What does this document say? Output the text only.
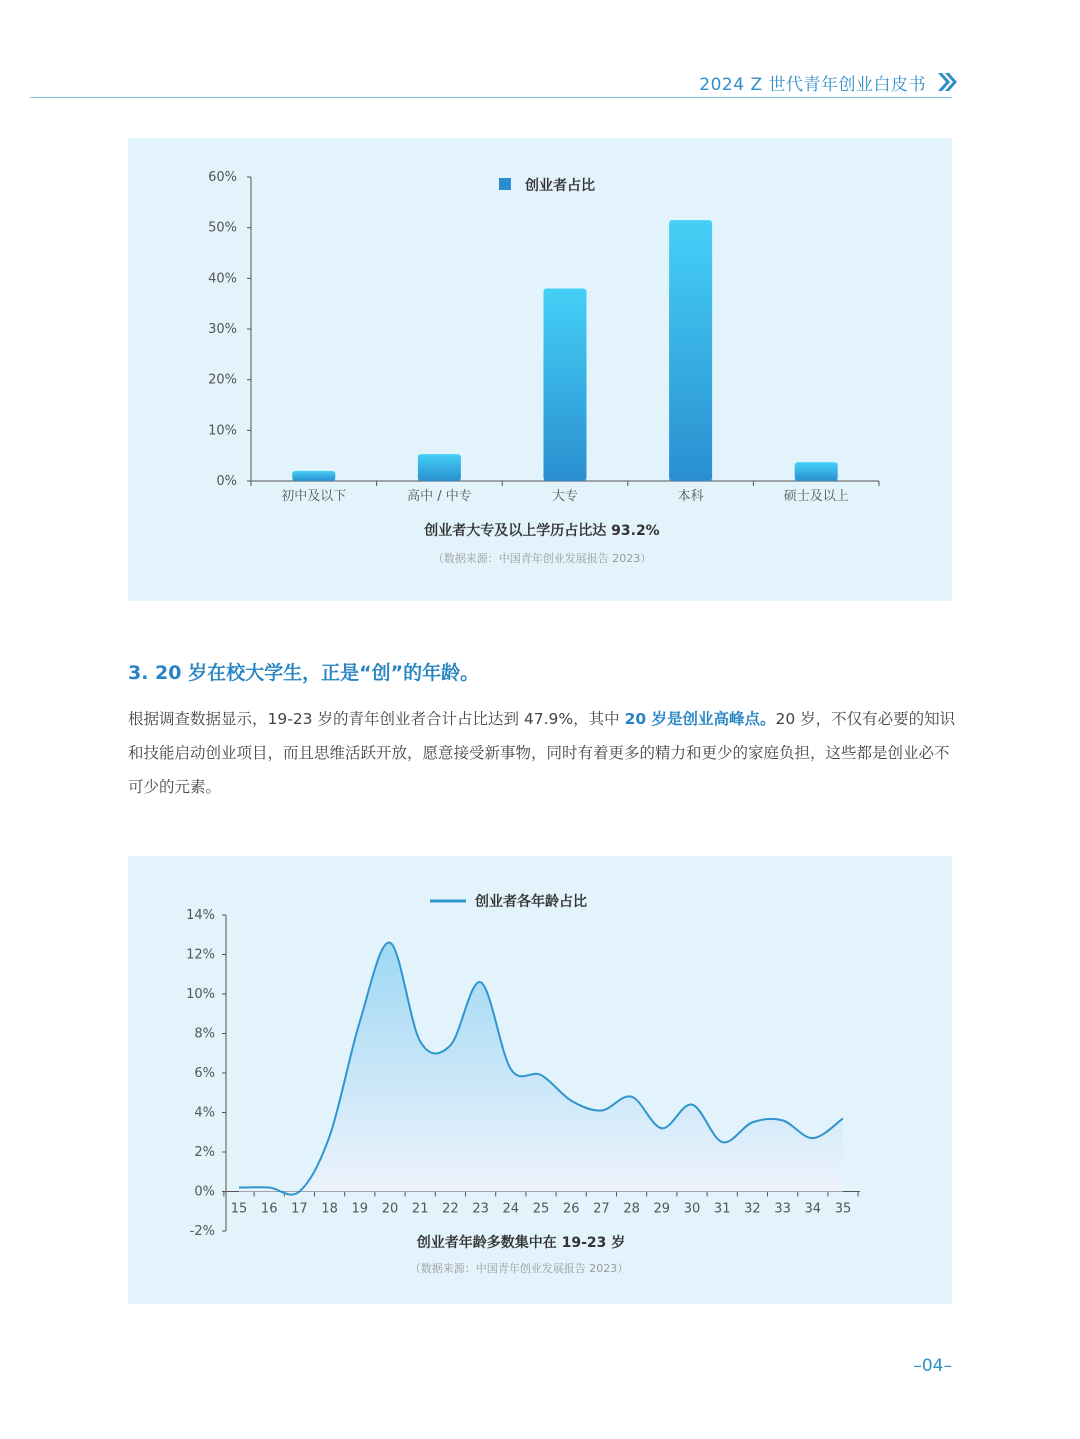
2024 Z 世代青年创业白皮书
0%
10%
20%
30%
40%
50%
60%
初中及以下	高中 / 中专	大专	本科	硕士及以上
创业者占比
创业者大专及以上学历占比达 93.2%
（数据来源：中国青年创业发展报告 2023）
3. 20 岁在校大学生，正是“创”的年龄。
根据调查数据显示，19-23 岁的青年创业者合计占比达到 47.9%，其中 20 岁是创业高峰点。20 岁，不仅有必要的知识和技能启动创业项目，而且思维活跃开放，愿意接受新事物，同时有着更多的精力和更少的家庭负担，这些都是创业必不可少的元素。
-2%
0%
2%
4%
6%
8%
10%
12%
14%
15 16 17 18 19 20 21 22 23 24 25 26 27 28 29 30 31 32 33 34 35
创业者各年龄占比
创业者年龄多数集中在 19-23 岁
（数据来源：中国青年创业发展报告 2023）
–04–
